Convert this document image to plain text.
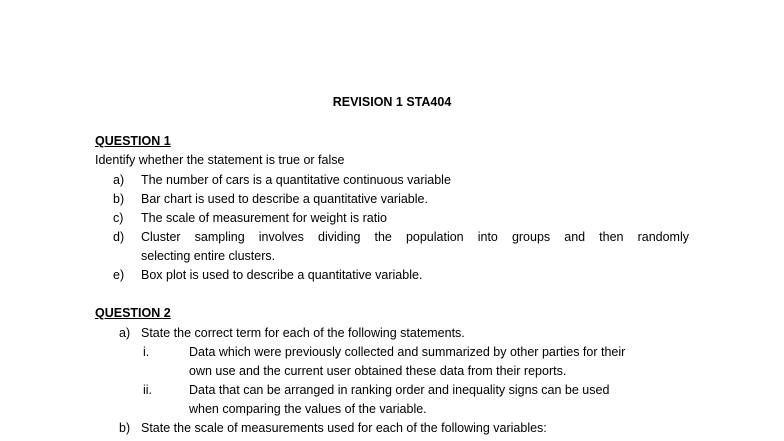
REVISION 1 STA404
QUESTION 1
Identify whether the statement is true or false
a) The number of cars is a quantitative continuous variable
b) Bar chart is used to describe a quantitative variable.
c) The scale of measurement for weight is ratio
d) Cluster sampling involves dividing the population into groups and then randomly
selecting entire clusters.
e) Box plot is used to describe a quantitative variable.
QUESTION 2
a) State the correct term for each of the following statements.
i.	Data which were previously collected and summarized by other parties for their
own use and the current user obtained these data from their reports.
ii.	Data that can be arranged in ranking order and inequality signs can be used
when comparing the values of the variable.
b) State the scale of measurements used for each of the following variables:
